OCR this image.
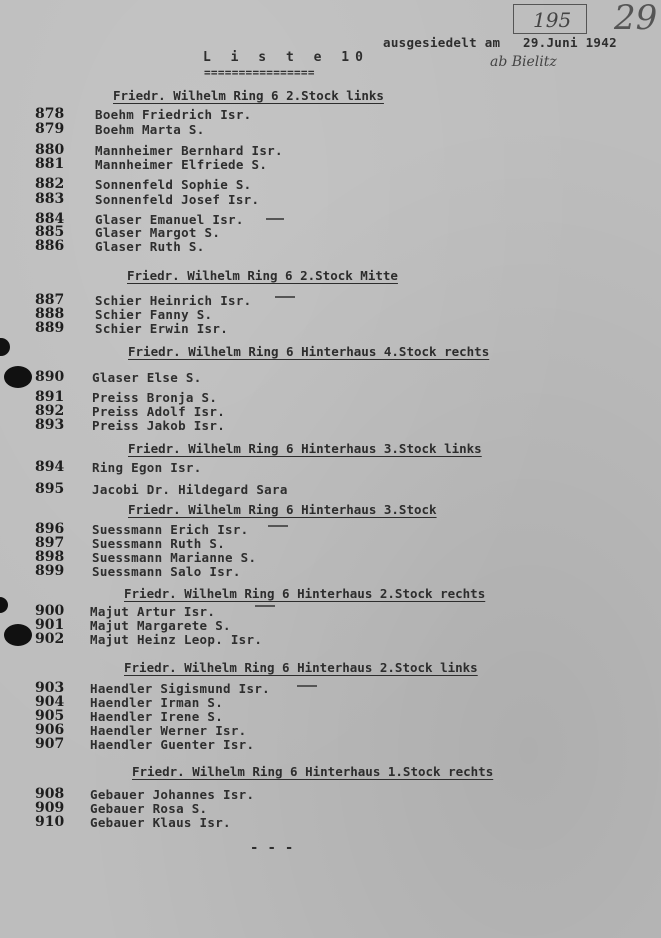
L i s t e 10
================
ausgesiedelt am 29.Juni 1942
195 29
ab Bielitz
Friedr. Wilhelm Ring 6 2.Stock links
878 Boehm Friedrich Isr.
879 Boehm Marta S.
880 Mannheimer Bernhard Isr.
881 Mannheimer Elfriede S.
882 Sonnenfeld Sophie S.
883 Sonnenfeld Josef Isr.
884 Glaser Emanuel Isr.
885 Glaser Margot S.
886 Glaser Ruth S.
Friedr. Wilhelm Ring 6 2.Stock Mitte
887 Schier Heinrich Isr.
888 Schier Fanny S.
889 Schier Erwin Isr.
Friedr. Wilhelm Ring 6 Hinterhaus 4.Stock rechts
890 Glaser Else S.
891 Preiss Bronja S.
892 Preiss Adolf Isr.
893 Preiss Jakob Isr.
Friedr. Wilhelm Ring 6 Hinterhaus 3.Stock links
894 Ring Egon Isr.
895 Jacobi Dr. Hildegard Sara
Friedr. Wilhelm Ring 6 Hinterhaus 3.Stock
896 Suessmann Erich Isr.
897 Suessmann Ruth S.
898 Suessmann Marianne S.
899 Suessmann Salo Isr.
Friedr. Wilhelm Ring 6 Hinterhaus 2.Stock rechts
900 Majut Artur Isr.
901 Majut Margarete S.
902 Majut Heinz Leop. Isr.
Friedr. Wilhelm Ring 6 Hinterhaus 2.Stock links
903 Haendler Sigismund Isr.
904 Haendler Irman S.
905 Haendler Irene S.
906 Haendler Werner Isr.
907 Haendler Guenter Isr.
Friedr. Wilhelm Ring 6 Hinterhaus 1.Stock rechts
908 Gebauer Johannes Isr.
909 Gebauer Rosa S.
910 Gebauer Klaus Isr.
- - -
